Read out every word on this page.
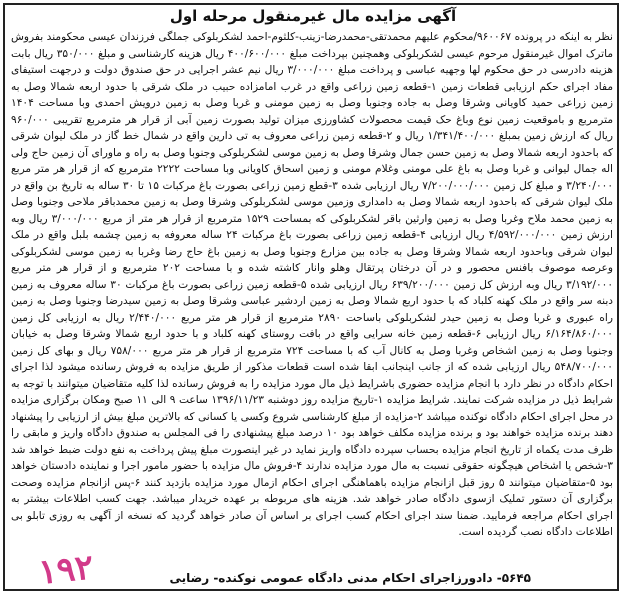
آگهی مزایده مال غیرمنقول مرحله اول
نظر به اینکه در پرونده ۹۶۰۰۶۷/محکوم علیهم محمدتقی-محمدرضا-زینب-کلثوم-احمد لشکربلوکی جملگی فرزندان عیسی محکومند بفروش ماترک اموال غیرمنقول مرحوم عیسی لشکربلوکی وهمچنین بپرداخت مبلغ ۴۰۰/۶۰۰/۰۰۰ ریال هزینه کارشناسی و مبلغ ۳۵۰/۰۰۰ ریال بابت هزینه دادرسی در حق محکوم لها وجهیه عباسی و پرداخت مبلغ ۳/۰۰۰/۰۰۰ ریال نیم عشر اجرایی در حق صندوق دولت و درجهت استیفای مفاد اجرای حکم ارزیابی قطعات زمین ۱-قطعه زمین زراعی واقع در غرب امامزاده حبیب در ملک شرقی با حدود اربعه شمالا وصل به زمین زراعی حمید کاویانی وشرقا وصل به جاده وجنوبا وصل به زمین مومنی و غربا وصل به زمین درویش احمدی وبا مساحت ۱۴۰۴ مترمربع و باموقعیت زمین نوع وباغ حک قیمت محصولات کشاورزی میزان تولید بصورت زمین آبی از قرار هر مترمربع تقریبی ۹۶۰/۰۰۰ ریال که ارزش زمین بمبلغ ۱/۳۴۱/۴۰۰/۰۰۰ ریال و ۲-قطعه زمین زراعی معروف به تی دارین واقع در شمال خط گاز در ملک لیوان شرقی که باحدود اربعه شمالا وصل به زمین حسن جمال وشرقا وصل به زمین موسی لشکربلوکی وجنوبا وصل به راه و ماورای آن زمین حاج ولی اله جمال لیوانی و غربا وصل به باغ علی مومنی وغلام مومنی و زمین اسحاق کاویانی وبا مساحت ۲۲۲۲ مترمربع که از قرار هر متر مربع ۳/۲۴۰/۰۰۰ و مبلغ کل زمین ۷/۲۰۰/۰۰۰/۰۰۰ ریال ارزیابی شده ۳-قطع زمین زراعی بصورت باغ مرکبات ۱۵ تا ۳۰ ساله به تاریخ بن واقع در ملک لیوان شرقی که باحدود اربعه شمالا وصل به دامداری وزمین موسی لشکربلوکی وشرقا وصل به زمین محمدباقر ملاحی وجنوبا وصل به زمین محمد ملاح وغربا وصل به زمین وارثین باقر لشکربلوکی که بمساحت ۱۵۲۹ مترمربع از قرار هر متر از مربع ۳/۰۰۰/۰۰۰ ریال وبه ارزش زمین ۴/۵۹۲/۰۰۰/۰۰۰ ریال ارزیابی ۴-قطعه زمین زراعی بصورت باغ مرکبات ۲۴ ساله معروفه به زمین چشمه بلبل واقع در ملک لیوان شرقی وباحدود اربعه شمالا وشرقا وصل به جاده بین مزارع وجنوبا وصل به زمین باغ حاج رضا وغربا به زمین موسی لشکربلوکی وعرصه موصوف بافنس محصور و در آن درختان پرتقال وهلو وانار کاشته شده و با مساحت ۲۰۲ مترمربع و از قرار هر متر مربع ۳/۱۹۲/۰۰۰ ریال وبه ارزش کل زمین ۶۳۹/۲۰۰/۰۰۰ ریال ارزیابی شده ۵-قطعه زمین زراعی بصورت باغ مرکبات ۳۰ ساله معروف به زمین دبنه سر واقع در ملک کهنه کلباد که با حدود اربع شمالا وصل به زمین اردشیر عباسی وشرقا وصل به زمین سیدرضا وجنوبا وصل به زمین راه عبوری و غربا وصل به زمین حیدر لشکربلوکی باساحت ۲۸۹۰ مترمربع از قرار هر متر مربع ۲/۴۴۰/۰۰۰ ریال به ارزیابی کل زمین ۶/۱۶۴/۸۶۰/۰۰۰ ریال ارزیابی ۶-قطعه زمین خانه سرایی واقع در بافت روستای کهنه کلباد و با حدود اربع شمالا وشرقا وصل به خیابان وجنوبا وصل به زمین اشخاص وغربا وصل به کانال آب که با مساحت ۷۲۴ مترمربع از قرار هر متر مربع ۷۵۸/۰۰۰ ریال و بهای کل زمین ۵۴۸/۷۰۰/۰۰۰ ریال ارزیابی شده که از جانب اینجانب ابقا شده است قطعات مذکور از طریق مزایده به فروش رسانده میشود لذا اجرای احکام دادگاه در نظر دارد با انجام مزایده حضوری باشرایط ذیل مال مورد مزایده را به فروش رسانده لذا کلیه متقاضیان میتوانند با توجه به شرایط ذیل در مزایده شرکت نمایند. شرایط مزایده ۱-تاریخ مزایده روز دوشنبه ۱۳۹۶/۱۱/۲۳ ساعت ۹ الی ۱۱ صبح ومکان برگزاری مزایده در محل اجرای احکام دادگاه نوکنده میباشد ۲-مزایده از مبلغ کارشناسی شروع وکسی یا کسانی که بالاترین مبلغ بیش از ارزیابی را پیشنهاد دهند برنده مزایده خواهند بود و برنده مزایده مکلف خواهد بود ۱۰ درصد مبلغ پیشنهادی را فی المجلس به صندوق دادگاه واریز و مابقی را ظرف مدت یکماه از تاریخ انجام مزایده بحساب سپرده دادگاه واریز نماید در غیر اینصورت مبلغ پیش پرداخت به نفع دولت ضبط خواهد شد ۳-شخص یا اشخاص هیچگونه حقوقی نسبت به مال مورد مزایده ندارند ۴-فروش مال مزایده با حضور مامور اجرا و نماینده دادستان خواهد بود ۵-متقاضیان میتوانند ۵ روز قبل ازانجام مزایده باهماهنگی اجرای احکام ازمال مورد مزایده بازدید کنند ۶-پس ازانجام مزایده وصحت برگزاری آن دستور تملیک ازسوی دادگاه صادر خواهد شد. هزینه های مربوطه بر عهده خریدار میباشد. جهت کسب اطلاعات بیشتر به اجرای احکام مراجعه فرمایید. ضمنا سند اجرای احکام کسب اجرای بر اساس آن صادر خواهد گردید که نسخه از آگهی به روزی تابلو بی اطلاعات دادگاه نصب گردیده است.
۵۶۴۵- دادورزاجرای احکام مدنی دادگاه عمومی نوکنده- رضایی
۱۹۲
